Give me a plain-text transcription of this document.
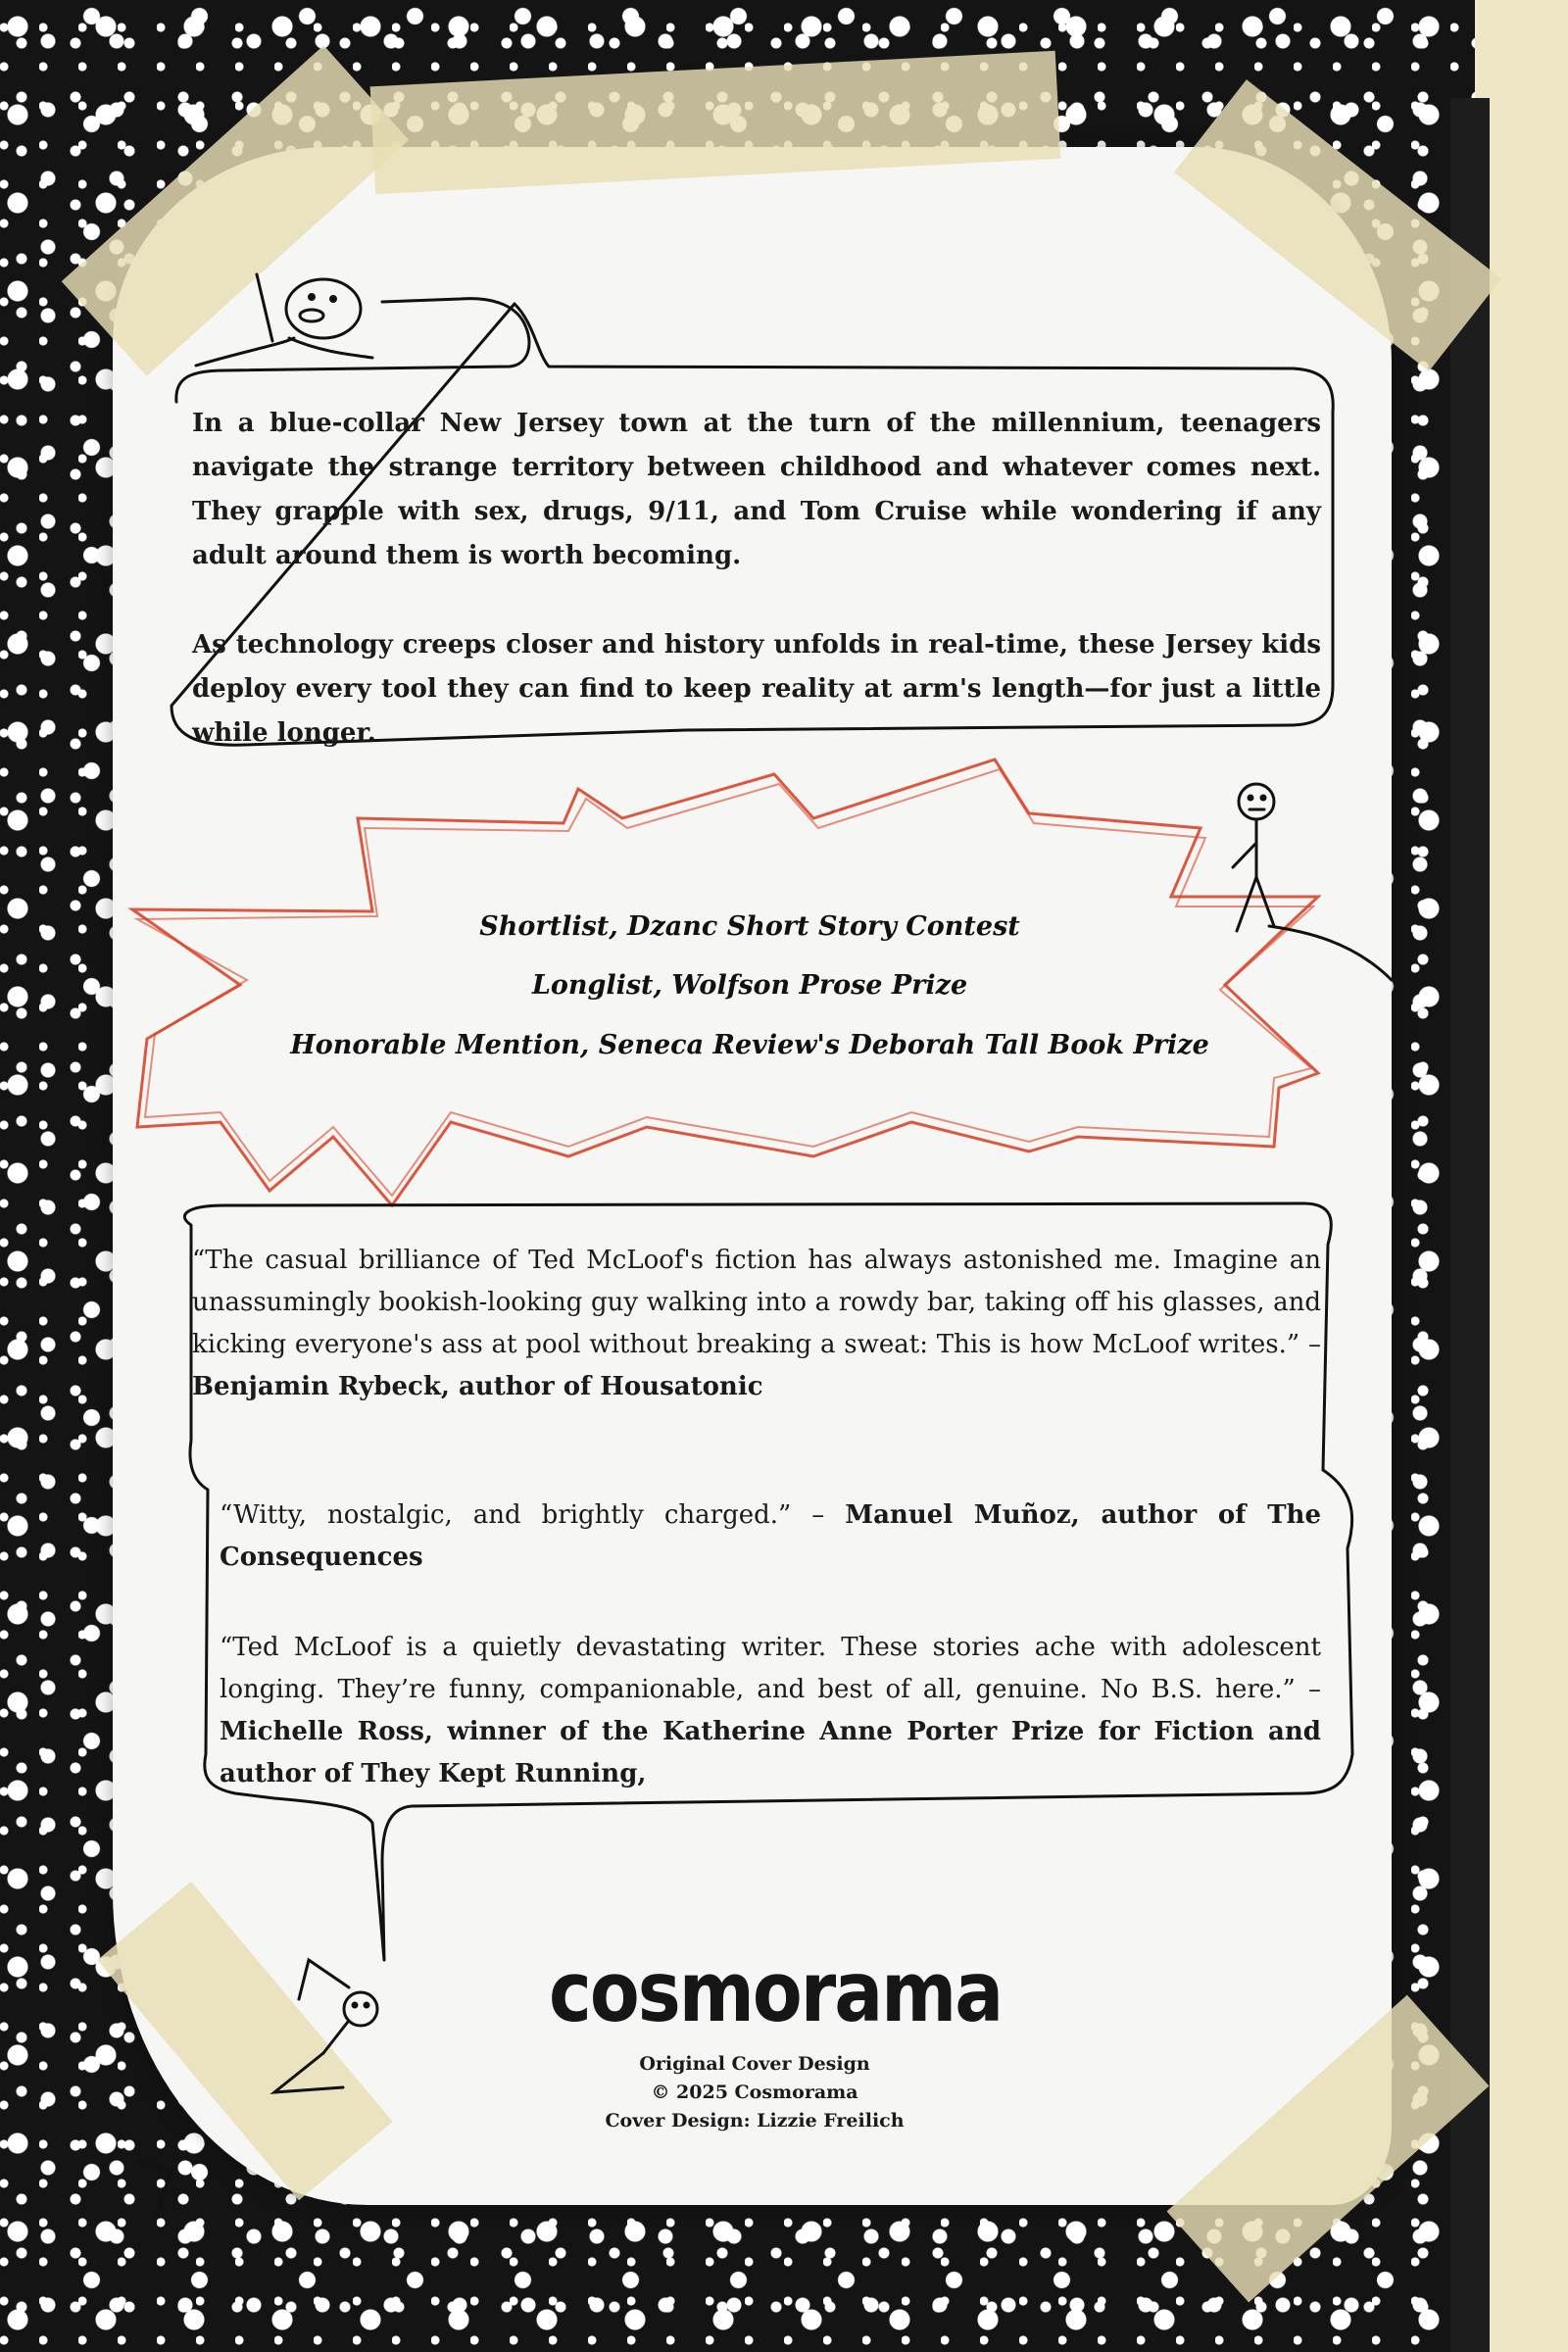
In a blue-collar New Jersey town at the turn of the millennium, teenagers navigate the strange territory between childhood and whatever comes next. They grapple with sex, drugs, 9/11, and Tom Cruise while wondering if any adult around them is worth becoming.

As technology creeps closer and history unfolds in real-time, these Jersey kids deploy every tool they can find to keep reality at arm's length—for just a little while longer.

Shortlist, Dzanc Short Story Contest

Longlist, Wolfson Prose Prize

Honorable Mention, Seneca Review's Deborah Tall Book Prize

“The casual brilliance of Ted McLoof's fiction has always astonished me. Imagine an unassumingly bookish-looking guy walking into a rowdy bar, taking off his glasses, and kicking everyone's ass at pool without breaking a sweat: This is how McLoof writes.” – Benjamin Rybeck, author of Housatonic

“Witty, nostalgic, and brightly charged.” – Manuel Muñoz, author of The Consequences

“Ted McLoof is a quietly devastating writer. These stories ache with adolescent longing. They’re funny, companionable, and best of all, genuine. No B.S. here.” – Michelle Ross, winner of the Katherine Anne Porter Prize for Fiction and author of They Kept Running,

cosmorama

Original Cover Design
© 2025 Cosmorama
Cover Design: Lizzie Freilich
